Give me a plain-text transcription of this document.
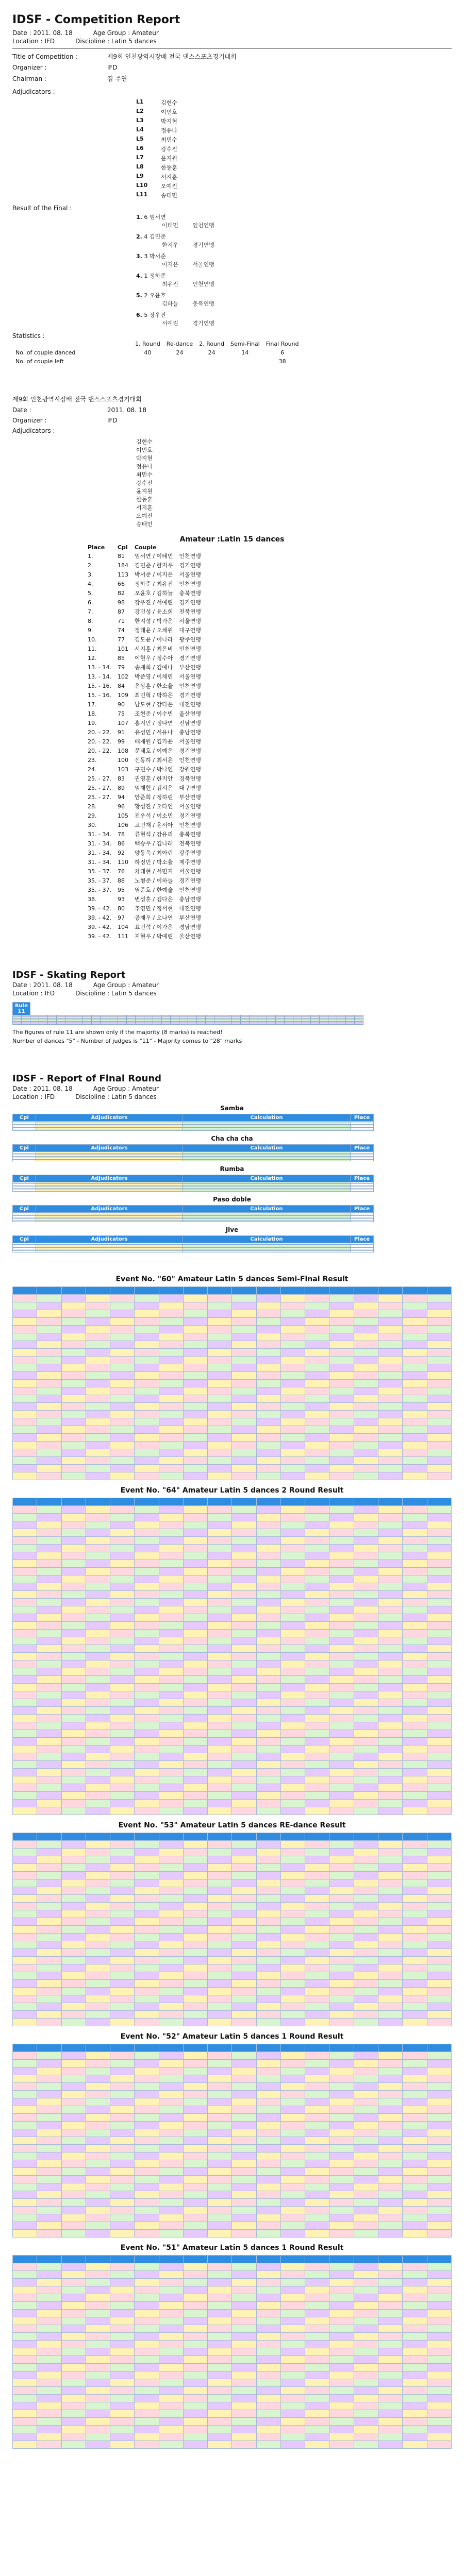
IDSF - Competition Report
Date : 2011. 08. 18	Age Group : Amateur
Location : IFD	Discipline : Latin 5 dances
Title of Competition :	제9회 인천광역시장배 전국 댄스스포츠경기대회
Organizer :	IFD
Chairman :	김 주연
Adjudicators :
L1	김현수
L2	이민호
L3	박지현
L4	정유나
L5	최민수
L6	강수진
L7	윤지원
L8	한동훈
L9	서지훈
L10	오예진
L11	송태민
Result of the Final :
1. 6 임서연
이태민	인천연맹
2. 4 김민준
한지우	경기연맹
3. 3 박서준
이지은	서울연맹
4. 1 정하준
최유진	인천연맹
5. 2 오윤호
김하늘	충북연맹
6. 5 장우진
서예린	경기연맹
Statistics :
	1. Round	Re-dance	2. Round	Semi-Final	Final Round
No. of couple danced	40	24	24	14	6
No. of couple left					38
제9회 인천광역시장배 전국 댄스스포츠경기대회
Date :	2011. 08. 18
Organizer :	IFD
Adjudicators :
김현수
이민호
박지현
정유나
최민수
강수진
윤지원
한동훈
서지훈
오예진
송태민
Amateur :Latin 15 dances
Place	Cpl	Couple	
1.	81	임서연 / 이태민	인천연맹
2.	184	김민준 / 한지우	경기연맹
3.	113	박서준 / 이지은	서울연맹
4.	66	정하준 / 최유진	인천연맹
5.	82	오윤호 / 김하늘	충북연맹
6.	98	장우진 / 서예린	경기연맹
7.	87	강민성 / 윤소희	전북연맹
8.	71	한지성 / 박가은	서울연맹
9.	74	정태윤 / 오채원	대구연맹
10.	77	김도윤 / 이나라	광주연맹
11.	101	서지훈 / 최은비	인천연맹
12.	85	이현우 / 정수아	경기연맹
13. - 14.	79	송재희 / 김예나	부산연맹
13. - 14.	102	박준영 / 이채린	서울연맹
15. - 16.	84	윤상훈 / 한소율	인천연맹
15. - 16.	109	최민혁 / 박하은	경기연맹
17.	90	남도현 / 강다온	대전연맹
18.	75	조현준 / 이수빈	울산연맹
19.	107	홍지민 / 정다연	전남연맹
20. - 22.	91	유성민 / 서유나	충남연맹
20. - 22.	99	배재원 / 김가윤	서울연맹
20. - 22.	108	문태호 / 이예은	경기연맹
23.	100	신동하 / 최서윤	인천연맹
24.	103	구민수 / 박나연	강원연맹
25. - 27.	83	권영훈 / 한지안	경북연맹
25. - 27.	89	임재현 / 김시은	대구연맹
25. - 27.	94	안준희 / 정하린	부산연맹
28.	96	황성진 / 오다인	서울연맹
29.	105	전우석 / 이소민	경기연맹
30.	106	고민재 / 윤서아	인천연맹
31. - 34.	78	류현석 / 강유리	충북연맹
31. - 34.	86	백승우 / 김나래	전북연맹
31. - 34.	92	양동욱 / 최아린	광주연맹
31. - 34.	110	하정민 / 박소율	제주연맹
35. - 37.	76	차태현 / 서민지	서울연맹
35. - 37.	88	노형준 / 이하늘	경기연맹
35. - 37.	95	염준호 / 한예슬	인천연맹
38.	93	변성훈 / 김다은	충남연맹
39. - 42.	80	추영민 / 정서현	대전연맹
39. - 42.	97	공재우 / 오나연	부산연맹
39. - 42.	104	표민석 / 이가은	경남연맹
39. - 42.	111	지현우 / 박예린	울산연맹
IDSF - Skating Report
Date : 2011. 08. 18	Age Group : Amateur
Location : IFD	Discipline : Latin 5 dances
Rule 11																																							

The figures of rule 11 are shown only if the majority (8 marks) is reached!
Number of dances "5" - Number of judges is "11" - Majority comes to "28" marks
IDSF - Report of Final Round
Date : 2011. 08. 18	Age Group : Amateur
Location : IFD	Discipline : Latin 5 dances
Samba
Cpl	Adjudicators	Calculation	Place

Cha cha cha
Cpl	Adjudicators	Calculation	Place

Rumba
Cpl	Adjudicators	Calculation	Place

Paso doble
Cpl	Adjudicators	Calculation	Place

Jive
Cpl	Adjudicators	Calculation	Place

Event No. "60" Amateur Latin 5 dances Semi-Final Result

Event No. "64" Amateur Latin 5 dances 2 Round Result

Event No. "53" Amateur Latin 5 dances RE-dance Result

Event No. "52" Amateur Latin 5 dances 1 Round Result

Event No. "51" Amateur Latin 5 dances 1 Round Result
